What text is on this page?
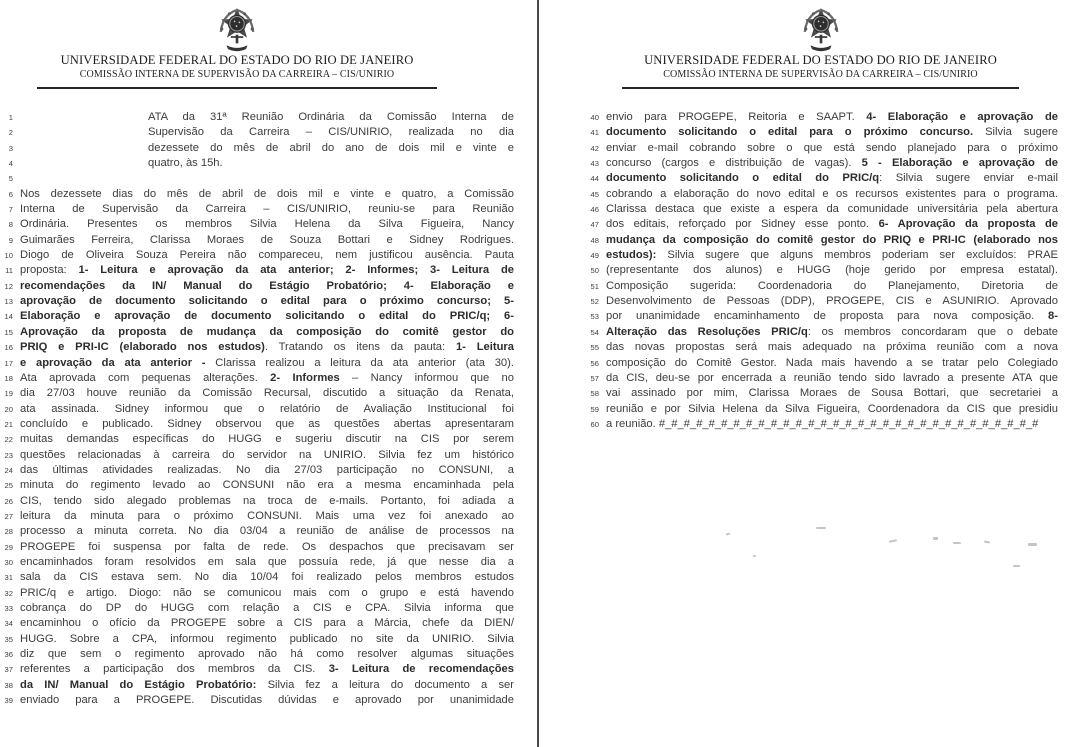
UNIVERSIDADE FEDERAL DO ESTADO DO RIO DE JANEIRO
COMISSÃO INTERNA DE SUPERVISÃO DA CARREIRA – CIS/UNIRIO
1	ATA da 31ª Reunião Ordinária da Comissão Interna de
2	Supervisão da Carreira – CIS/UNIRIO, realizada no dia
3	dezessete do mês de abril do ano de dois mil e vinte e
4	quatro, às 15h.
5
6 Nos dezessete dias do mês de abril de dois mil e vinte e quatro, a Comissão
7 Interna de Supervisão da Carreira – CIS/UNIRIO, reuniu-se para Reunião
8 Ordinária. Presentes os membros Silvia Helena da Silva Figueira, Nancy
9 Guimarães Ferreira, Clarissa Moraes de Souza Bottari e Sidney Rodrigues.
10 Diogo de Oliveira Souza Pereira não compareceu, nem justificou ausência. Pauta
11 proposta: 1- Leitura e aprovação da ata anterior; 2- Informes; 3- Leitura de
12 recomendações da IN/ Manual do Estágio Probatório; 4- Elaboração e
13 aprovação de documento solicitando o edital para o próximo concurso; 5-
14 Elaboração e aprovação de documento solicitando o edital do PRIC/q; 6-
15 Aprovação da proposta de mudança da composição do comitê gestor do
16 PRIQ e PRI-IC (elaborado nos estudos). Tratando os itens da pauta: 1- Leitura
17 e aprovação da ata anterior - Clarissa realizou a leitura da ata anterior (ata 30).
18 Ata aprovada com pequenas alterações. 2- Informes – Nancy informou que no
19 dia 27/03 houve reunião da Comissão Recursal, discutido a situação da Renata,
20 ata assinada. Sidney informou que o relatório de Avaliação Institucional foi
21 concluído e publicado. Sidney observou que as questões abertas apresentaram
22 muitas demandas específicas do HUGG e sugeriu discutir na CIS por serem
23 questões relacionadas à carreira do servidor na UNIRIO. Silvia fez um histórico
24 das últimas atividades realizadas. No dia 27/03 participação no CONSUNI, a
25 minuta do regimento levado ao CONSUNI não era a mesma encaminhada pela
26 CIS, tendo sido alegado problemas na troca de e-mails. Portanto, foi adiada a
27 leitura da minuta para o próximo CONSUNI. Mais uma vez foi anexado ao
28 processo a minuta correta. No dia 03/04 a reunião de análise de processos na
29 PROGEPE foi suspensa por falta de rede. Os despachos que precisavam ser
30 encaminhados foram resolvidos em sala que possuía rede, já que nesse dia a
31 sala da CIS estava sem. No dia 10/04 foi realizado pelos membros estudos
32 PRIC/q e artigo. Diogo: não se comunicou mais com o grupo e está havendo
33 cobrança do DP do HUGG com relação a CIS e CPA. Silvia informa que
34 encaminhou o ofício da PROGEPE sobre a CIS para a Márcia, chefe da DIEN/
35 HUGG. Sobre a CPA, informou regimento publicado no site da UNIRIO. Silvia
36 diz que sem o regimento aprovado não há como resolver algumas situações
37 referentes a participação dos membros da CIS. 3- Leitura de recomendações
38 da IN/ Manual do Estágio Probatório: Silvia fez a leitura do documento a ser
39 enviado para a PROGEPE. Discutidas dúvidas e aprovado por unanimidade
UNIVERSIDADE FEDERAL DO ESTADO DO RIO DE JANEIRO
COMISSÃO INTERNA DE SUPERVISÃO DA CARREIRA – CIS/UNIRIO
40 envio para PROGEPE, Reitoria e SAAPT. 4- Elaboração e aprovação de
41 documento solicitando o edital para o próximo concurso. Silvia sugere
42 enviar e-mail cobrando sobre o que está sendo planejado para o próximo
43 concurso (cargos e distribuição de vagas). 5 - Elaboração e aprovação de
44 documento solicitando o edital do PRIC/q: Silvia sugere enviar e-mail
45 cobrando a elaboração do novo edital e os recursos existentes para o programa.
46 Clarissa destaca que existe a espera da comunidade universitária pela abertura
47 dos editais, reforçado por Sidney esse ponto. 6- Aprovação da proposta de
48 mudança da composição do comitê gestor do PRIQ e PRI-IC (elaborado nos
49 estudos): Silvia sugere que alguns membros poderiam ser excluídos: PRAE
50 (representante dos alunos) e HUGG (hoje gerido por empresa estatal).
51 Composição sugerida: Coordenadoria do Planejamento, Diretoria de
52 Desenvolvimento de Pessoas (DDP), PROGEPE, CIS e ASUNIRIO. Aprovado
53 por unanimidade encaminhamento de proposta para nova composição. 8-
54 Alteração das Resoluções PRIC/q: os membros concordaram que o debate
55 das novas propostas será mais adequado na próxima reunião com a nova
56 composição do Comitê Gestor. Nada mais havendo a se tratar pelo Colegiado
57 da CIS, deu-se por encerrada a reunião tendo sido lavrado a presente ATA que
58 vai assinado por mim, Clarissa Moraes de Sousa Bottari, que secretariei a
59 reunião e por Silvia Helena da Silva Figueira, Coordenadora da CIS que presidiu
60 a reunião. #_#_#_#_#_#_#_#_#_#_#_#_#_#_#_#_#_#_#_#_#_#_#_#_#_#_#_#_#_#_#
